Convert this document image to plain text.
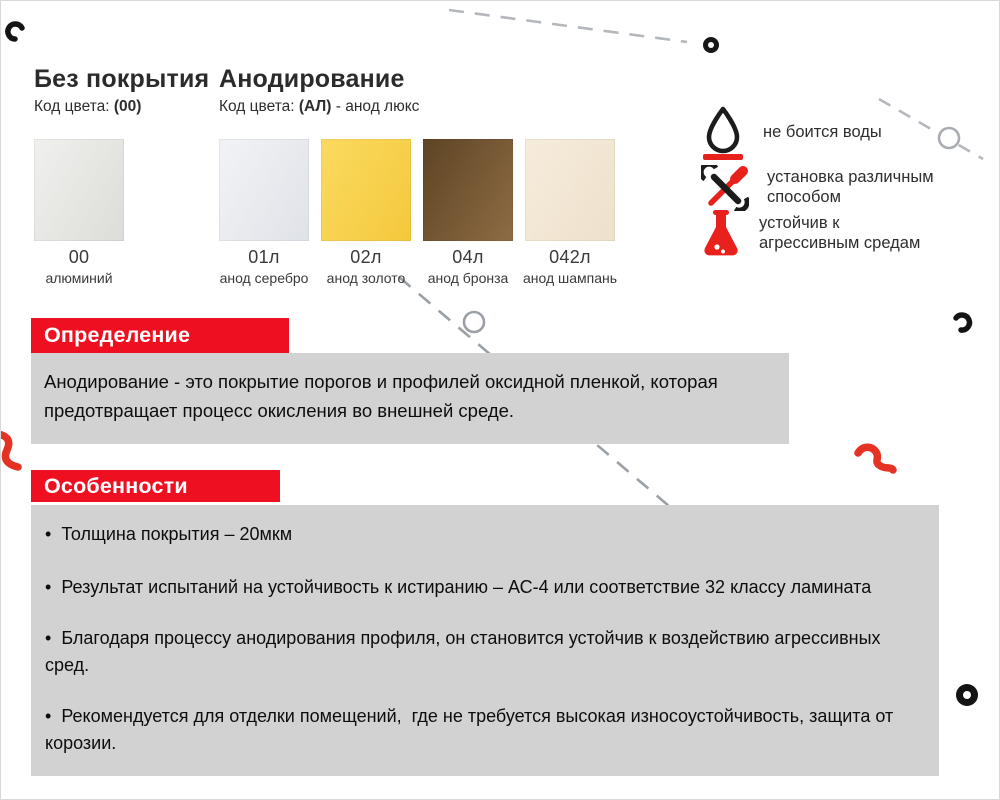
Без покрытия Анодирование
Код цвета: (00)	Код цвета: (АЛ) - анод люкс
00
алюминий
01л
анод серебро
02л
анод золото
04л
анод бронза
042л
анод шампань
не боится воды
установка различным способом
устойчив к агрессивным средам
Определение
Анодирование - это покрытие порогов и профилей оксидной пленкой, которая предотвращает процесс окисления во внешней среде.
Особенности

•  Толщина покрытия – 20мкм

•  Результат испытаний на устойчивость к истиранию – АС-4 или соответствие 32 классу ламината

•  Благодаря процессу анодирования профиля, он становится устойчив к воздействию агрессивных сред.

•  Рекомендуется для отделки помещений,  где не требуется высокая износоустойчивость, защита от корозии.
